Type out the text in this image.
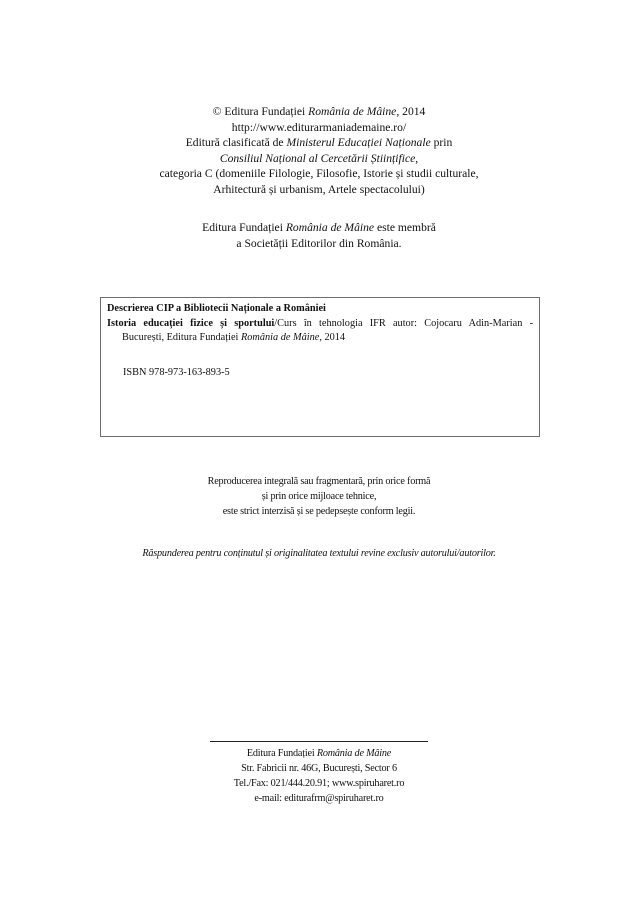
© Editura Fundației România de Mâine, 2014
http://www.editurarmaniademaine.ro/
Editură clasificată de Ministerul Educației Naționale prin
Consiliul Național al Cercetării Științifice,
categoria C (domeniile Filologie, Filosofie, Istorie și studii culturale,
Arhitectură și urbanism, Artele spectacolului)
Editura Fundației România de Mâine este membră
a Societății Editorilor din România.
Descrierea CIP a Bibliotecii Naționale a României
Istoria educației fizice și sportului/Curs în tehnologia IFR autor: Cojocaru Adin-Marian -
București, Editura Fundației România de Mâine, 2014
ISBN 978-973-163-893-5
Reproducerea integrală sau fragmentară, prin orice formă
și prin orice mijloace tehnice,
este strict interzisă și se pedepsește conform legii.
Răspunderea pentru conținutul și originalitatea textului revine exclusiv autorului/autorilor.
Editura Fundației România de Mâine
Str. Fabricii nr. 46G, București, Sector 6
Tel./Fax: 021/444.20.91; www.spiruharet.ro
e-mail: editurafrm@spiruharet.ro
